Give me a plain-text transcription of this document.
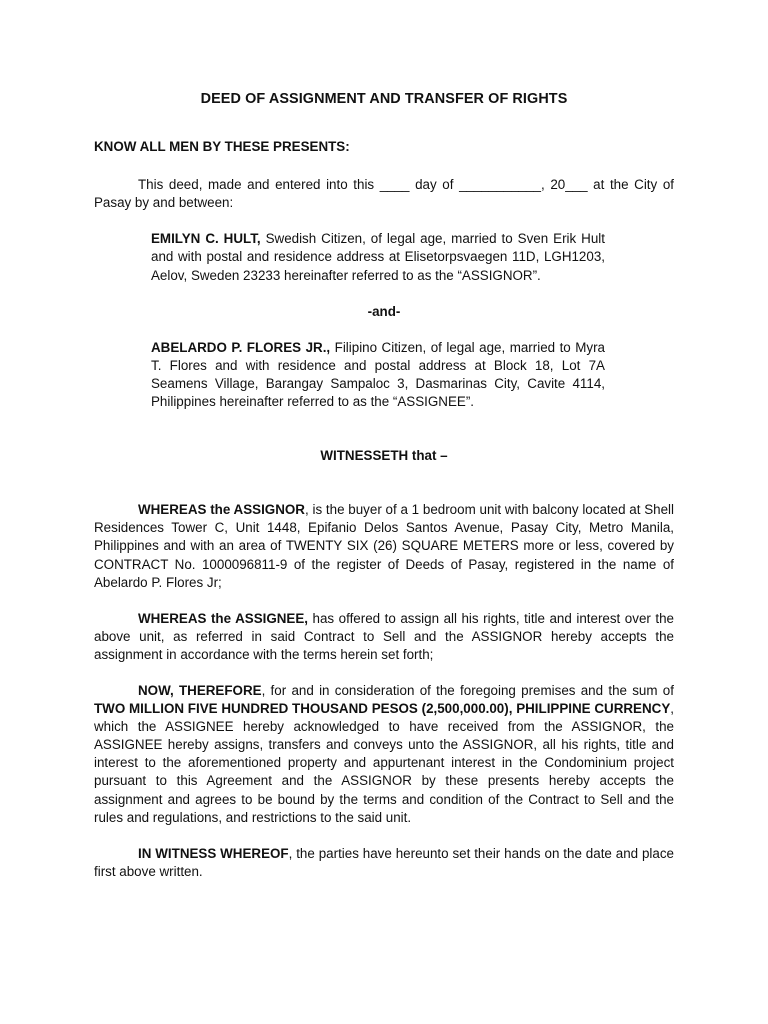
DEED OF ASSIGNMENT AND TRANSFER OF RIGHTS

KNOW ALL MEN BY THESE PRESENTS:

This deed, made and entered into this ____ day of ___________, 20___ at the City of Pasay by and between:

EMILYN C. HULT, Swedish Citizen, of legal age, married to Sven Erik Hult and with postal and residence address at Elisetorpsvaegen 11D, LGH1203, Aelov, Sweden 23233 hereinafter referred to as the “ASSIGNOR”.

-and-

ABELARDO P. FLORES JR., Filipino Citizen, of legal age, married to Myra T. Flores and with residence and postal address at Block 18, Lot 7A Seamens Village, Barangay Sampaloc 3, Dasmarinas City, Cavite 4114, Philippines hereinafter referred to as the “ASSIGNEE”.

WITNESSETH that –

WHEREAS the ASSIGNOR, is the buyer of a 1 bedroom unit with balcony located at Shell Residences Tower C, Unit 1448, Epifanio Delos Santos Avenue, Pasay City, Metro Manila, Philippines and with an area of TWENTY SIX (26) SQUARE METERS more or less, covered by CONTRACT No. 1000096811-9 of the register of Deeds of Pasay, registered in the name of Abelardo P. Flores Jr;

WHEREAS the ASSIGNEE, has offered to assign all his rights, title and interest over the above unit, as referred in said Contract to Sell and the ASSIGNOR hereby accepts the assignment in accordance with the terms herein set forth;

NOW, THEREFORE, for and in consideration of the foregoing premises and the sum of TWO MILLION FIVE HUNDRED THOUSAND PESOS (2,500,000.00), PHILIPPINE CURRENCY, which the ASSIGNEE hereby acknowledged to have received from the ASSIGNOR, the ASSIGNEE hereby assigns, transfers and conveys unto the ASSIGNOR, all his rights, title and interest to the aforementioned property and appurtenant interest in the Condominium project pursuant to this Agreement and the ASSIGNOR by these presents hereby accepts the assignment and agrees to be bound by the terms and condition of the Contract to Sell and the rules and regulations, and restrictions to the said unit.

IN WITNESS WHEREOF, the parties have hereunto set their hands on the date and place first above written.
